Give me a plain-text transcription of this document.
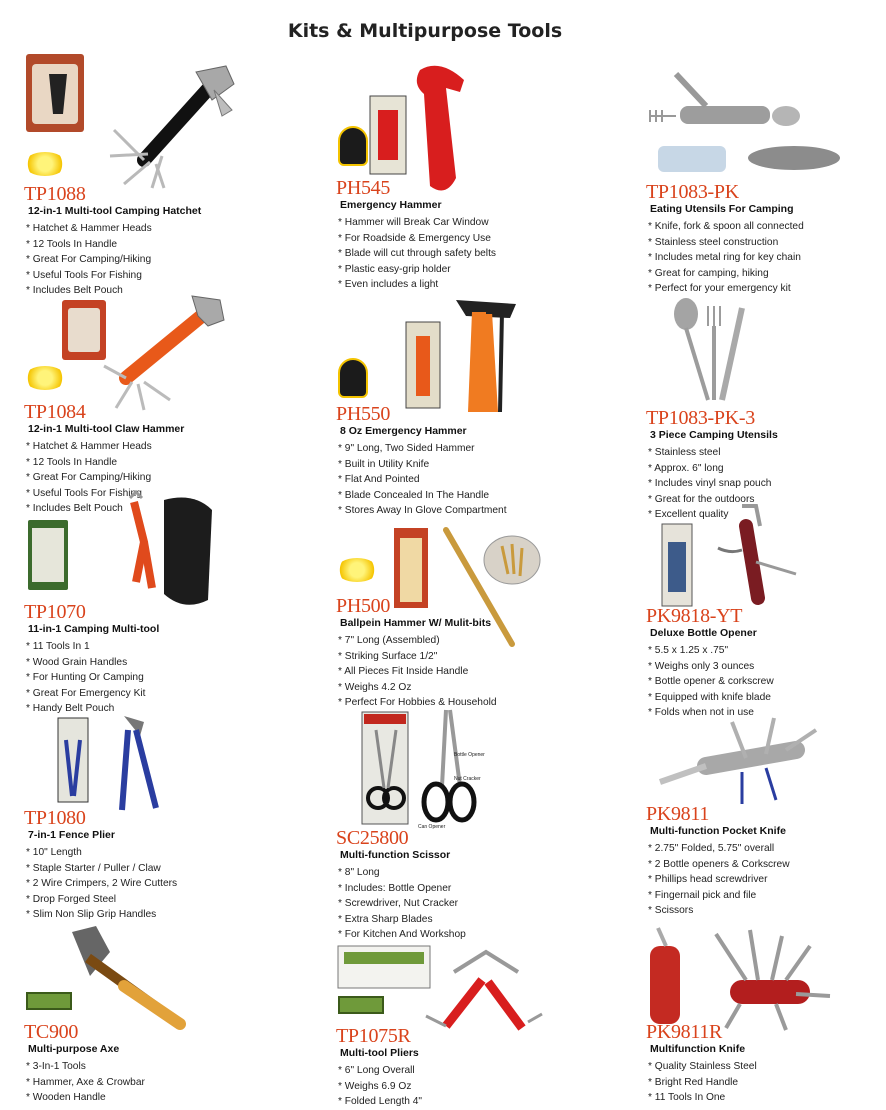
Kits & Multipurpose Tools
TP1088
12-in-1 Multi-tool Camping Hatchet
* Hatchet & Hammer Heads
* 12 Tools In Handle
* Great For Camping/Hiking
* Useful Tools For Fishing
* Includes Belt Pouch
TP1084
12-in-1 Multi-tool Claw Hammer
* Hatchet & Hammer Heads
* 12 Tools In Handle
* Great For Camping/Hiking
* Useful Tools For Fishing
* Includes Belt Pouch
TP1070
11-in-1 Camping Multi-tool
* 11 Tools In 1
* Wood Grain Handles
* For Hunting Or Camping
* Great For Emergency Kit
* Handy Belt Pouch
TP1080
7-in-1 Fence Plier
* 10" Length
* Staple Starter / Puller / Claw
* 2 Wire Crimpers, 2 Wire Cutters
* Drop Forged Steel
* Slim Non Slip Grip Handles
TC900
Multi-purpose Axe
* 3-In-1 Tools
* Hammer, Axe & Crowbar
* Wooden Handle
PH545
Emergency Hammer
* Hammer will Break Car Window
* For Roadside & Emergency Use
* Blade will cut through safety belts
* Plastic easy-grip holder
* Even includes a light
PH550
8 Oz Emergency Hammer
* 9" Long, Two Sided Hammer
* Built in Utility Knife
* Flat And Pointed
* Blade Concealed In The Handle
* Stores Away In Glove Compartment
PH500
Ballpein Hammer W/ Mulit-bits
* 7" Long (Assembled)
* Striking Surface 1/2"
* All Pieces Fit Inside Handle
* Weighs 4.2 Oz
* Perfect For Hobbies & Household
Bottle Opener
Nut Cracker
Can Opener
SC25800
Multi-function Scissor
* 8" Long
* Includes: Bottle Opener
* Screwdriver, Nut Cracker
* Extra Sharp Blades
* For Kitchen And Workshop
TP1075R
Multi-tool Pliers
* 6" Long Overall
* Weighs 6.9 Oz
* Folded Length 4"
TP1083-PK
Eating Utensils For Camping
* Knife, fork & spoon all connected
* Stainless steel construction
* Includes metal ring for key chain
* Great for camping, hiking
* Perfect for your emergency kit
TP1083-PK-3
3 Piece Camping Utensils
* Stainless steel
* Approx. 6" long
* Includes vinyl snap pouch
* Great for the outdoors
* Excellent quality
PK9818-YT
Deluxe Bottle Opener
* 5.5 x 1.25 x .75"
* Weighs only 3 ounces
* Bottle opener & corkscrew
* Equipped with knife blade
* Folds when not in use
PK9811
Multi-function Pocket Knife
* 2.75" Folded, 5.75" overall
* 2 Bottle openers & Corkscrew
* Phillips head screwdriver
* Fingernail pick and file
* Scissors
PK9811R
Multifunction Knife
* Quality Stainless Steel
* Bright Red Handle
* 11 Tools In One
